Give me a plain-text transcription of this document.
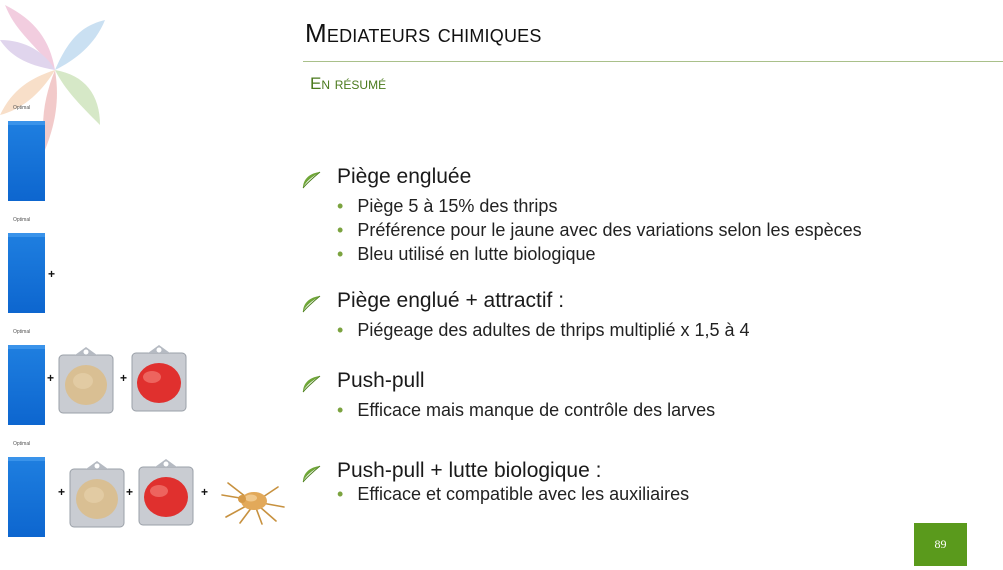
Mediateurs chimiques
En résumé
Optimal
Optimal
+
Optimal
+	+
Optimal
+	+	+
Piège engluée
• Piège 5 à 15% des thrips
• Préférence pour le jaune avec des variations selon les espèces
• Bleu utilisé en lutte biologique
Piège englué + attractif :
• Piégeage des adultes de thrips multiplié x 1,5 à 4
Push-pull
• Efficace mais manque de contrôle des larves
Push-pull + lutte biologique :
• Efficace et compatible avec les auxiliaires
89
